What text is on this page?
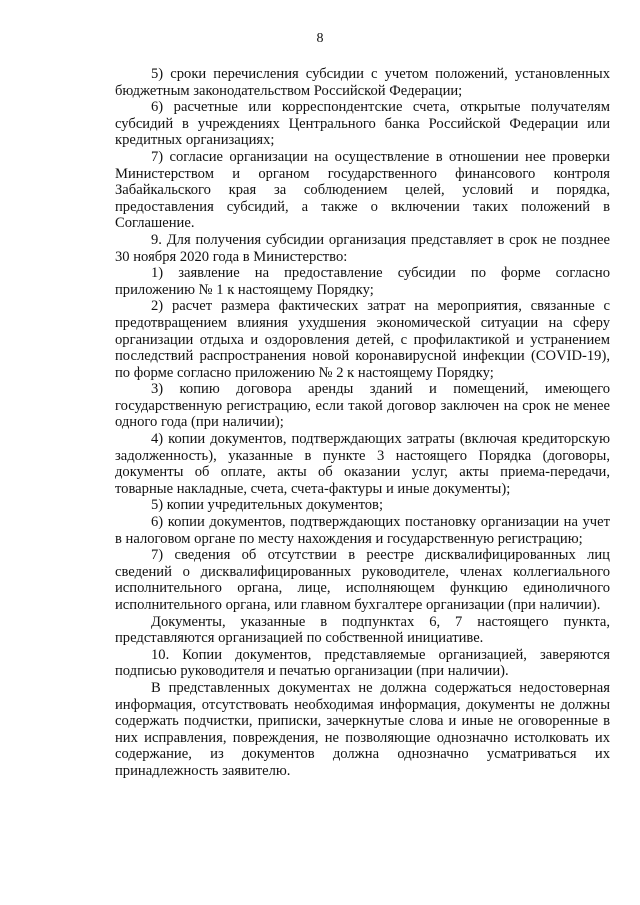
8

5) сроки перечисления субсидии с учетом положений, установленных бюджетным законодательством Российской Федерации;

6) расчетные или корреспондентские счета, открытые получателям субсидий в учреждениях Центрального банка Российской Федерации или кредитных организациях;

7) согласие организации на осуществление в отношении нее проверки Министерством и органом государственного финансового контроля Забайкальского края за соблюдением целей, условий и порядка, предоставления субсидий, а также о включении таких положений в Соглашение.

9. Для получения субсидии организация представляет в срок не позднее 30 ноября 2020 года в Министерство:

1) заявление на предоставление субсидии по форме согласно приложению № 1 к настоящему Порядку;

2) расчет размера фактических затрат на мероприятия, связанные с предотвращением влияния ухудшения экономической ситуации на сферу организации отдыха и оздоровления детей, с профилактикой и устранением последствий распространения новой коронавирусной инфекции (COVID-19), по форме согласно приложению № 2 к настоящему Порядку;

3) копию договора аренды зданий и помещений, имеющего государственную регистрацию, если такой договор заключен на срок не менее одного года (при наличии);

4) копии документов, подтверждающих затраты (включая кредиторскую задолженность), указанные в пункте 3 настоящего Порядка (договоры, документы об оплате, акты об оказании услуг, акты приема-передачи, товарные накладные, счета, счета-фактуры и иные документы);

5) копии учредительных документов;

6) копии документов, подтверждающих постановку организации на учет в налоговом органе по месту нахождения и государственную регистрацию;

7) сведения об отсутствии в реестре дисквалифицированных лиц сведений о дисквалифицированных руководителе, членах коллегиального исполнительного органа, лице, исполняющем функцию единоличного исполнительного органа, или главном бухгалтере организации (при наличии).

Документы, указанные в подпунктах 6, 7 настоящего пункта, представляются организацией по собственной инициативе.

10. Копии документов, представляемые организацией, заверяются подписью руководителя и печатью организации (при наличии).

В представленных документах не должна содержаться недостоверная информация, отсутствовать необходимая информация, документы не должны содержать подчистки, приписки, зачеркнутые слова и иные не оговоренные в них исправления, повреждения, не позволяющие однозначно истолковать их содержание, из документов должна однозначно усматриваться их принадлежность заявителю.
